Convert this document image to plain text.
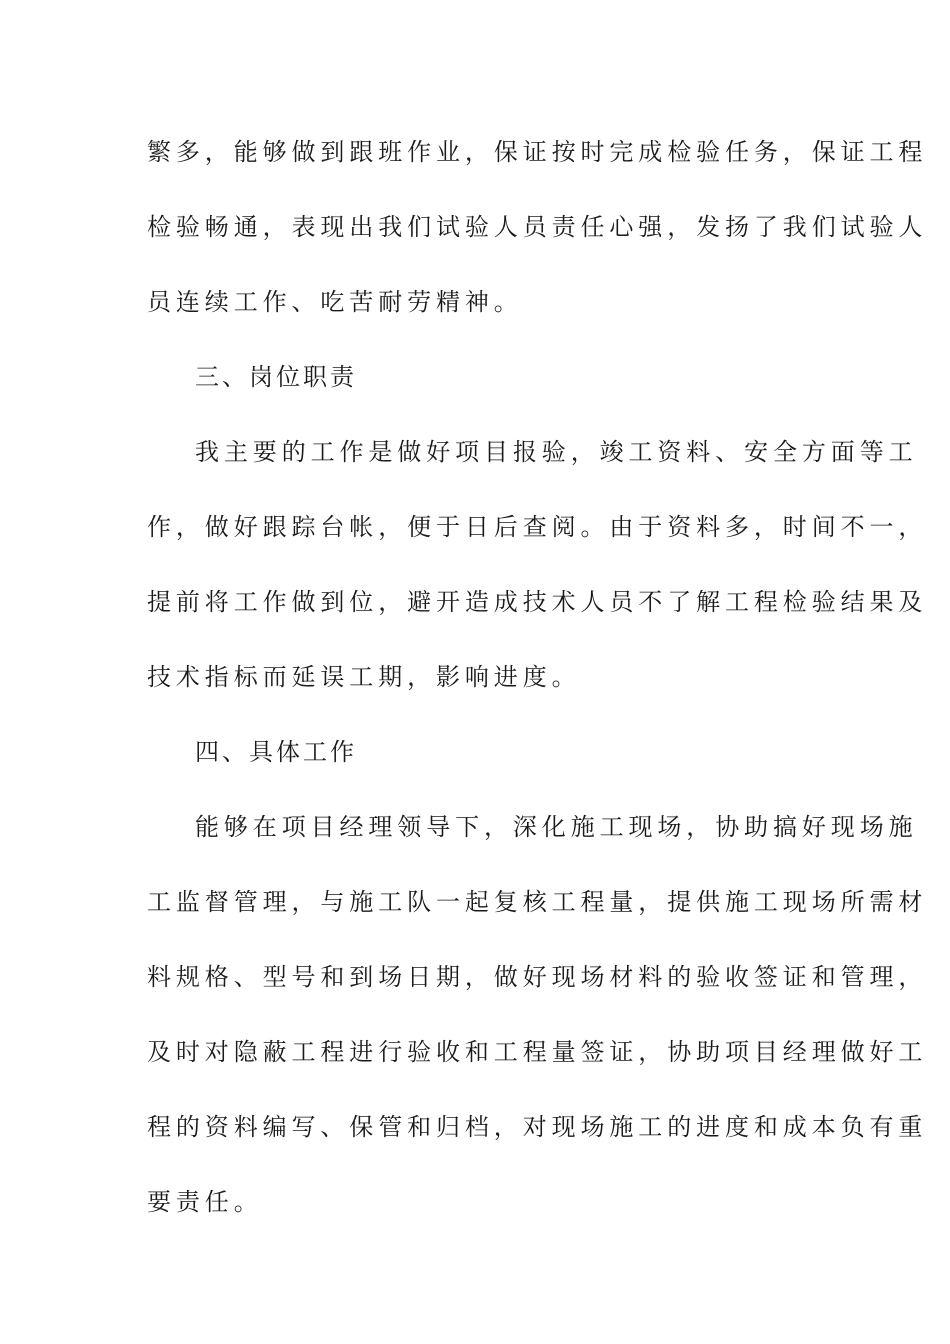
繁多，能够做到跟班作业，保证按时完成检验任务，保证工程
检验畅通，表现出我们试验人员责任心强，发扬了我们试验人
员连续工作、吃苦耐劳精神。
三、岗位职责
我主要的工作是做好项目报验，竣工资料、安全方面等工
作，做好跟踪台帐，便于日后查阅。由于资料多，时间不一，
提前将工作做到位，避开造成技术人员不了解工程检验结果及
技术指标而延误工期，影响进度。
四、具体工作
能够在项目经理领导下，深化施工现场，协助搞好现场施
工监督管理，与施工队一起复核工程量，提供施工现场所需材
料规格、型号和到场日期，做好现场材料的验收签证和管理，
及时对隐蔽工程进行验收和工程量签证，协助项目经理做好工
程的资料编写、保管和归档，对现场施工的进度和成本负有重
要责任。
